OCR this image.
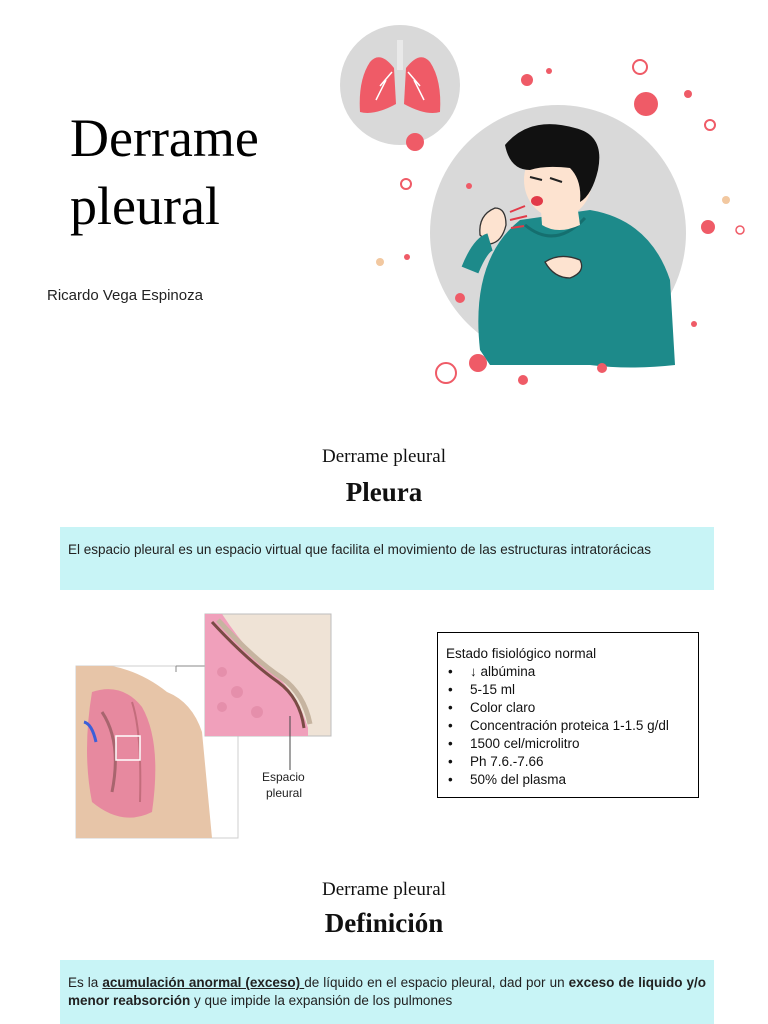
Derrame
pleural
Ricardo Vega Espinoza
Derrame pleural
Pleura
El espacio pleural es un espacio virtual que facilita el movimiento de las estructuras intratorácicas
Espacio
pleural
Estado fisiológico normal
• ↓ albúmina
• 5-15 ml
• Color claro
• Concentración proteica 1-1.5 g/dl
• 1500 cel/microlitro
• Ph 7.6.-7.66
• 50% del plasma
Derrame pleural
Definición
Es la acumulación anormal (exceso) de líquido en el espacio pleural, dad por un exceso de liquido y/o menor reabsorción y que impide la expansión de los pulmones
